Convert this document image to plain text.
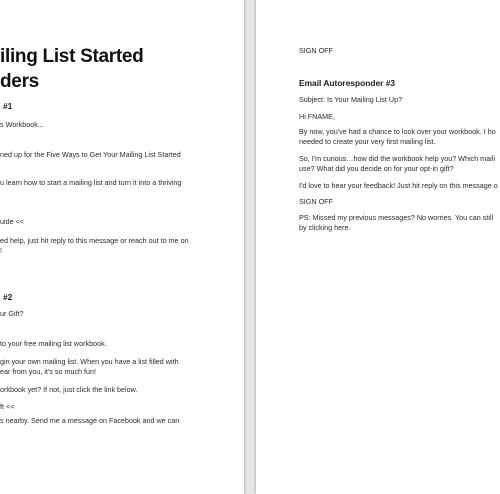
iling List Started
ders
#1
s Workbook...
ned up for the Five Ways to Get Your Mailing List Started
u learn how to start a mailing list and turn it into a thriving
uide <<
ed help, just hit reply to this message or reach out to me on
!
#2
ur Gift?
to your free mailing list workbook.
gin your own mailing list. When you have a list filled with
ear from you, it's so much fun!
orkbook yet? If not, just click the link below.
ft <<
s nearby. Send me a message on Facebook and we can
SIGN OFF
Email Autoresponder #3
Subject: Is Your Mailing List Up?
Hi FNAME,
By now, you've had a chance to look over your workbook. I ho
needed to create your very first mailing list.
So, I'm curious…how did the workbook help you? Which maili
use? What did you decide on for your opt-in gift?
I'd love to hear your feedback! Just hit reply on this message o
SIGN OFF
PS: Missed my previous messages? No worries. You can still
by clicking here.
